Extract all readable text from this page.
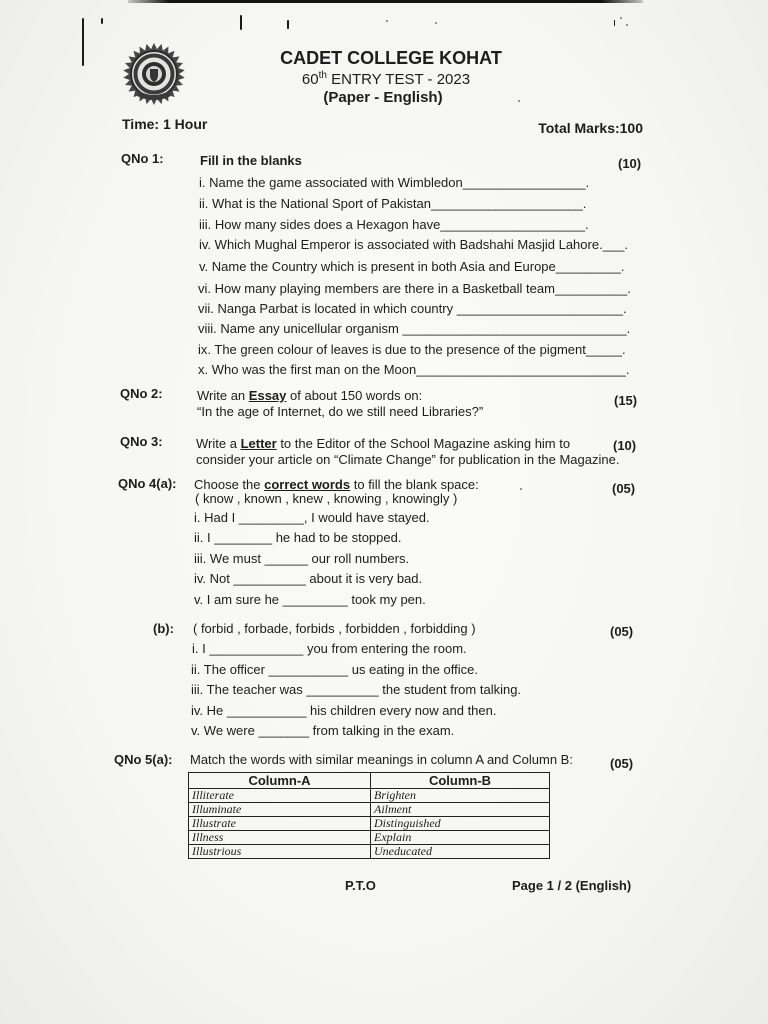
CADET COLLEGE KOHAT
60th ENTRY TEST - 2023
(Paper - English)
Time: 1 Hour	Total Marks:100
QNo 1:	Fill in the blanks	(10)
i. Name the game associated with Wimbledon_________________.
ii. What is the National Sport of Pakistan_____________________.
iii. How many sides does a Hexagon have____________________.
iv. Which Mughal Emperor is associated with Badshahi Masjid Lahore.___.
v. Name the Country which is present in both Asia and Europe_________.
vi. How many playing members are there in a Basketball team__________.
vii. Nanga Parbat is located in which country _______________________.
viii. Name any unicellular organism _______________________________.
ix. The green colour of leaves is due to the presence of the pigment_____.
x. Who was the first man on the Moon_____________________________.
QNo 2:	Write an Essay of about 150 words on:	(15)
“In the age of Internet, do we still need Libraries?”
QNo 3:	Write a Letter to the Editor of the School Magazine asking him to	(10)
consider your article on “Climate Change” for publication in the Magazine.
QNo 4(a): Choose the correct words to fill the blank space:	(05)
( know , known , knew , knowing , knowingly )
i. Had I _________, I would have stayed.
ii. I ________ he had to be stopped.
iii. We must ______ our roll numbers.
iv. Not __________ about it is very bad.
v. I am sure he _________ took my pen.
(b): ( forbid , forbade, forbids , forbidden , forbidding )	(05)
i. I _____________ you from entering the room.
ii. The officer ___________ us eating in the office.
iii. The teacher was __________ the student from talking.
iv. He ___________ his children every now and then.
v. We were _______ from talking in the exam.
QNo 5(a): Match the words with similar meanings in column A and Column B:	(05)
Column-A	Column-B
Illiterate	Brighten
Illuminate	Ailment
Illustrate	Distinguished
Illness	Explain
Illustrious	Uneducated
P.T.O	Page 1 / 2 (English)
